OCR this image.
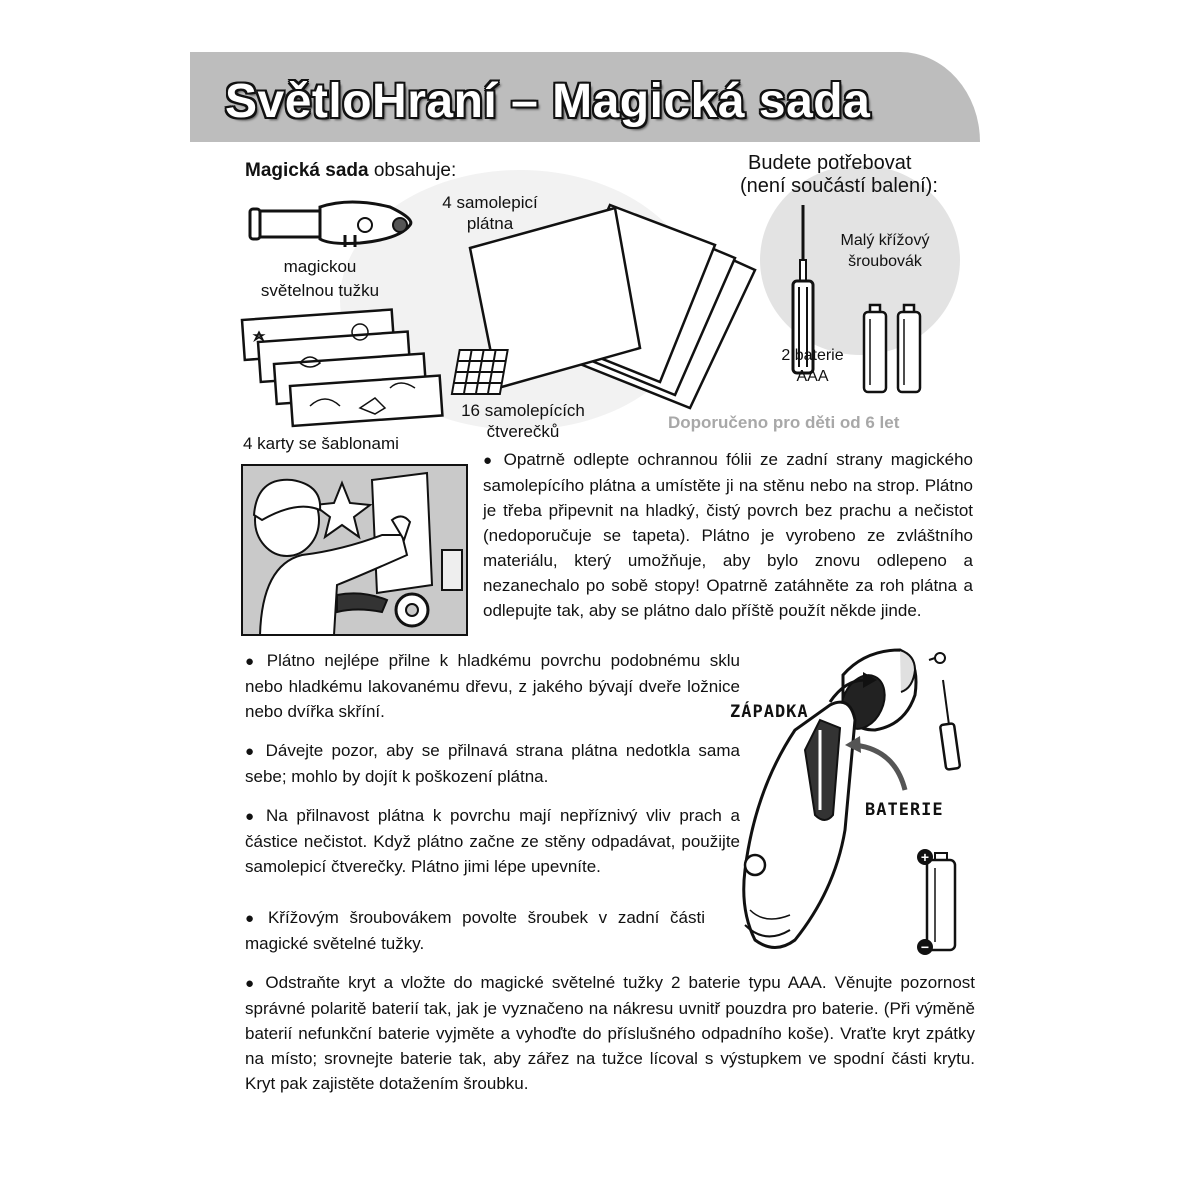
SvětloHraní – Magická sada
Magická sada obsahuje:
magickou
světelnou tužku
4 samolepicí
plátna
4 karty se šablonami
16 samolepících
čtverečků
Budete potřebovat
(není součástí balení):
Malý křížový
šroubovák
2 baterie
AAA
Doporučeno pro děti od 6 let
● Opatrně odlepte ochrannou fólii ze zadní strany magického samolepícího plátna a umístěte ji na stěnu nebo na strop. Plátno je třeba připevnit na hladký, čistý povrch bez prachu a nečistot (nedoporučuje se tapeta). Plátno je vyrobeno ze zvláštního materiálu, který umožňuje, aby bylo znovu odlepeno a nezanechalo po sobě stopy! Opatrně zatáhněte za roh plátna a odlepujte tak, aby se plátno dalo příště použít někde jinde.
● Plátno nejlépe přilne k hladkému povrchu podobnému sklu nebo hladkému lakovanému dřevu, z jakého bývají dveře ložnice nebo dvířka skříní.
● Dávejte pozor, aby se přilnavá strana plátna nedotkla sama sebe; mohlo by dojít k poškození plátna.
● Na přilnavost plátna k povrchu mají nepříznivý vliv prach a částice nečistot. Když plátno začne ze stěny odpadávat, použijte samolepicí čtverečky. Plátno jimi lépe upevníte.
● Křížovým šroubovákem povolte šroubek v zadní části magické světelné tužky.
+
−
ZÁPADKA
BATERIE
● Odstraňte kryt a vložte do magické světelné tužky 2 baterie typu AAA. Věnujte pozornost správné polaritě baterií tak, jak je vyznačeno na nákresu uvnitř pouzdra pro baterie. (Při výměně baterií nefunkční baterie vyjměte a vyhoďte do příslušného odpadního koše). Vraťte kryt zpátky na místo; srovnejte baterie tak, aby zářez na tužce lícoval s výstupkem ve spodní části krytu. Kryt pak zajistěte dotažením šroubku.
